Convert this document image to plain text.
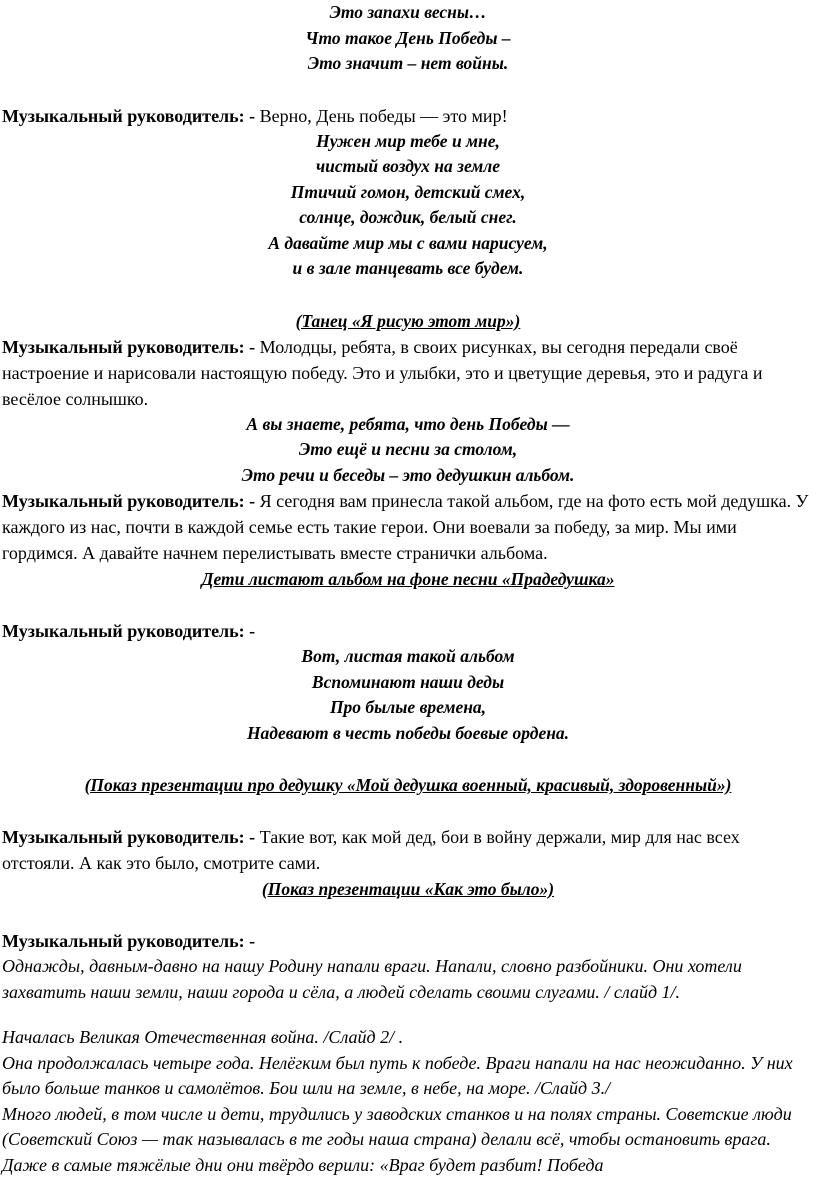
Это запахи весны…

Что такое День Победы –

Это значит – нет войны.

Музыкальный руководитель: - Верно, День победы — это мир!

Нужен мир тебе и мне,

чистый воздух на земле

Птичий гомон, детский смех,

солнце, дождик, белый снег.

А давайте мир мы с вами нарисуем,

и в зале танцевать все будем.

(Танец «Я рисую этот мир»)

Музыкальный руководитель: - Молодцы, ребята, в своих рисунках, вы сегодня передали своё настроение и нарисовали настоящую победу. Это и улыбки, это и цветущие деревья, это и радуга и весёлое солнышко.

А вы знаете, ребята, что день Победы —

Это ещё и песни за столом,

Это речи и беседы – это дедушкин альбом.

Музыкальный руководитель: - Я сегодня вам принесла такой альбом, где на фото есть мой дедушка. У каждого из нас, почти в каждой семье есть такие герои. Они воевали за победу, за мир. Мы ими гордимся. А давайте начнем перелистывать вместе странички альбома.

Дети листают альбом на фоне песни «Прадедушка»

Музыкальный руководитель: -

Вот, листая такой альбом

Вспоминают наши деды

Про былые времена,

Надевают в честь победы боевые ордена.

(Показ презентации про дедушку «Мой дедушка военный, красивый, здоровенный»)

Музыкальный руководитель: - Такие вот, как мой дед, бои в войну держали, мир для нас всех отстояли. А как это было, смотрите сами.

(Показ презентации «Как это было»)

Музыкальный руководитель: -

Однажды, давным-давно на нашу Родину напали враги. Напали, словно разбойники. Они хотели захватить наши земли, наши города и сёла, а людей сделать своими слугами. / слайд 1/.

Началась Великая Отечественная война. /Слайд 2/ .

Она продолжалась четыре года. Нелёгким был путь к победе. Враги напали на нас неожиданно. У них было больше танков и самолётов. Бои шли на земле, в небе, на море. /Слайд 3./

Много людей, в том числе и дети, трудились у заводских станков и на полях страны. Советские люди (Советский Союз — так называлась в те годы наша страна) делали всё, чтобы остановить врага. Даже в самые тяжёлые дни они твёрдо верили: «Враг будет разбит! Победа
